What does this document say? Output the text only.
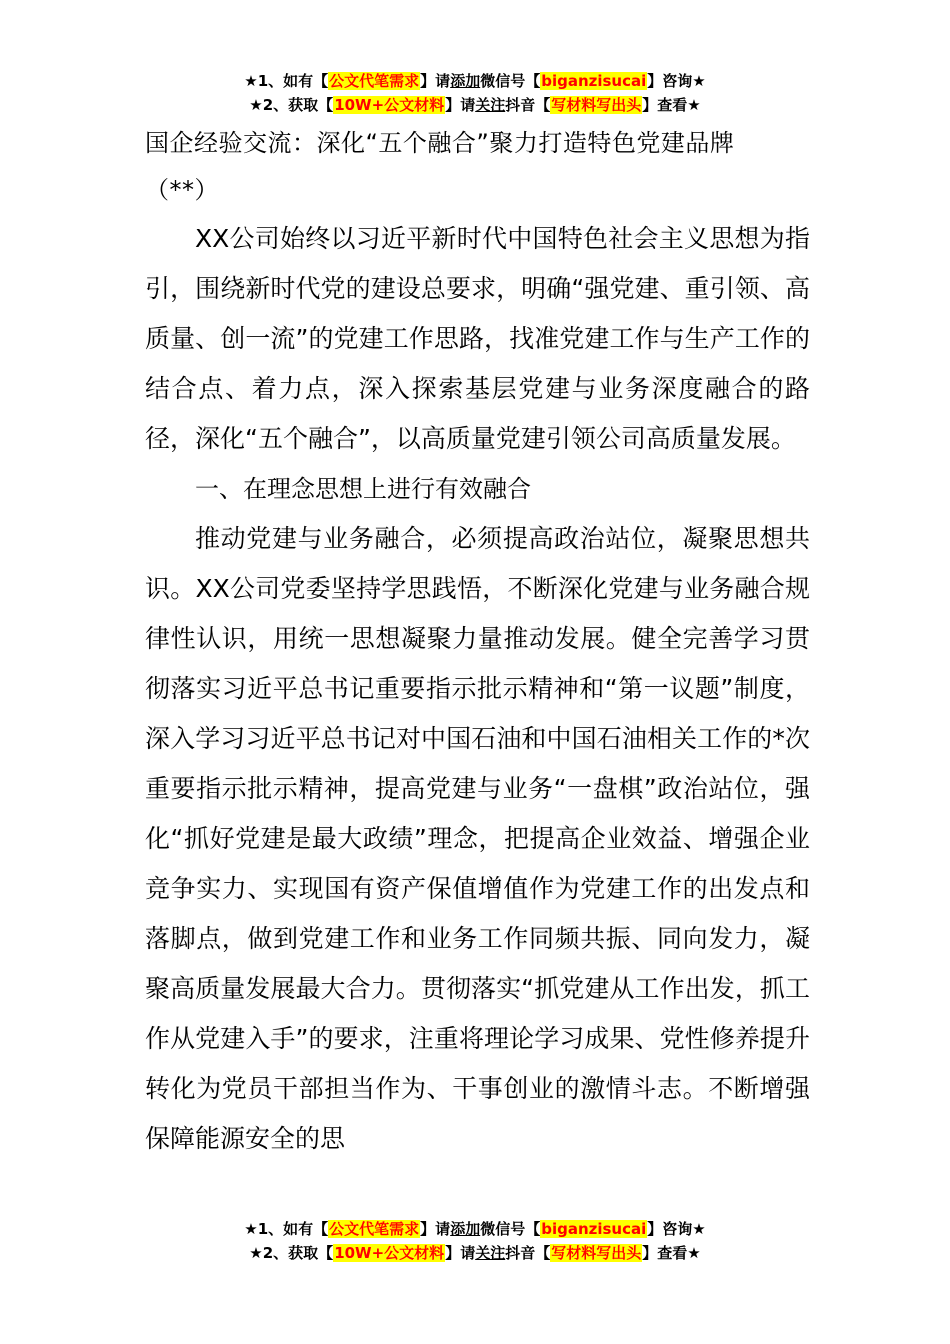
★1、如有【公文代笔需求】请添加微信号【biganzisucai】咨询★
★2、获取【10W+公文材料】请关注抖音【写材料写出头】查看★

国企经验交流：深化“五个融合”聚力打造特色党建品牌
（**）

XX公司始终以习近平新时代中国特色社会主义思想为指引，围绕新时代党的建设总要求，明确“强党建、重引领、高质量、创一流”的党建工作思路，找准党建工作与生产工作的结合点、着力点，深入探索基层党建与业务深度融合的路径，深化“五个融合”，以高质量党建引领公司高质量发展。

一、在理念思想上进行有效融合

推动党建与业务融合，必须提高政治站位，凝聚思想共识。XX公司党委坚持学思践悟，不断深化党建与业务融合规律性认识，用统一思想凝聚力量推动发展。健全完善学习贯彻落实习近平总书记重要指示批示精神和“第一议题”制度，深入学习习近平总书记对中国石油和中国石油相关工作的*次重要指示批示精神，提高党建与业务“一盘棋”政治站位，强化“抓好党建是最大政绩”理念，把提高企业效益、增强企业竞争实力、实现国有资产保值增值作为党建工作的出发点和落脚点，做到党建工作和业务工作同频共振、同向发力，凝聚高质量发展最大合力。贯彻落实“抓党建从工作出发，抓工作从党建入手”的要求，注重将理论学习成果、党性修养提升转化为党员干部担当作为、干事创业的激情斗志。不断增强保障能源安全的思

★1、如有【公文代笔需求】请添加微信号【biganzisucai】咨询★
★2、获取【10W+公文材料】请关注抖音【写材料写出头】查看★
